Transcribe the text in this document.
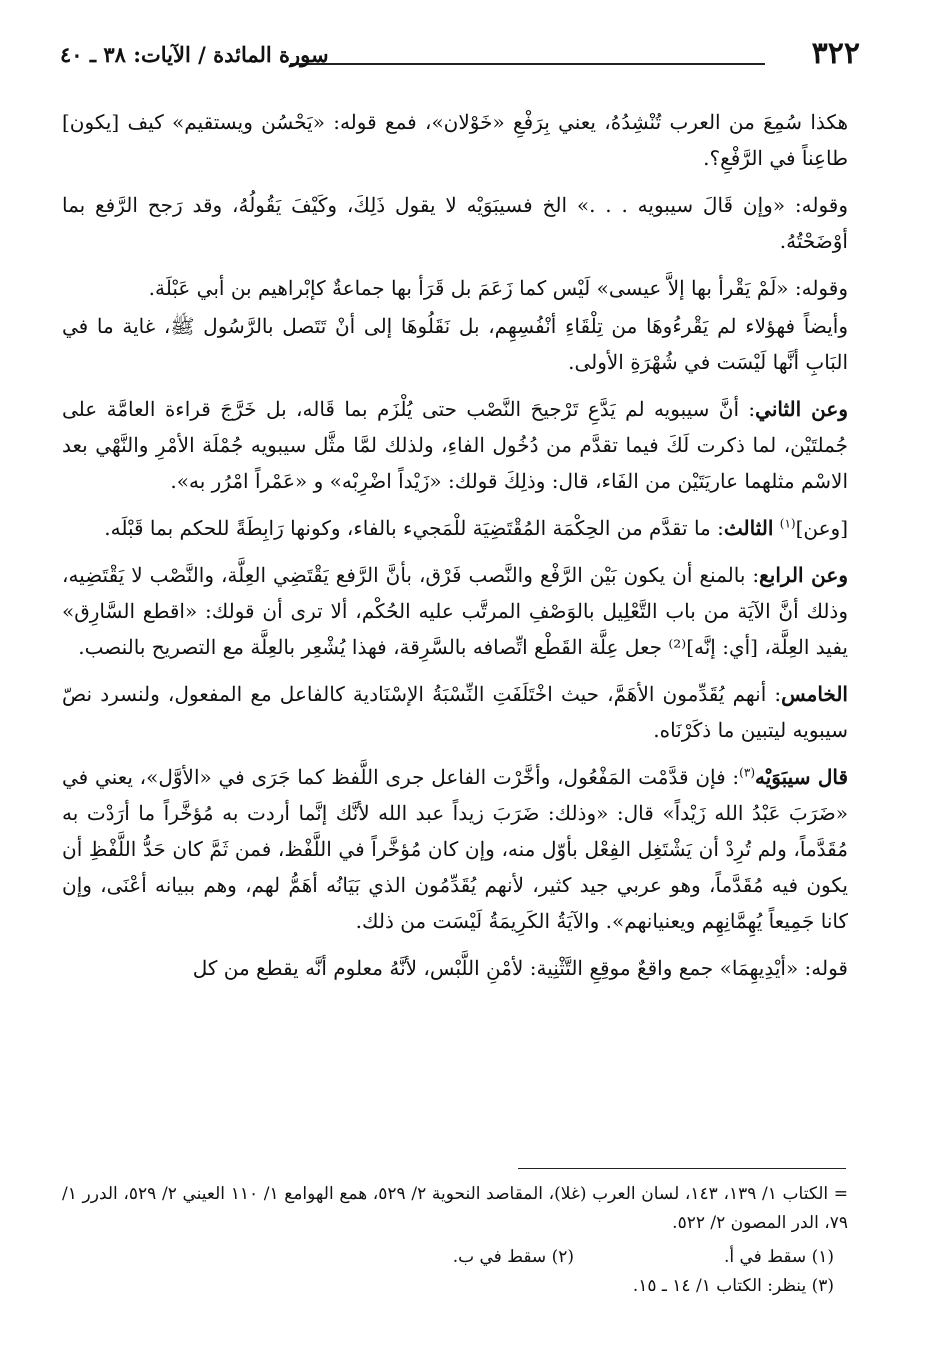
٣٢٢
سورة المائدة / الآيات: ٣٨ ـ ٤٠

هكذا سُمِعَ من العرب تُنْشِدُهُ، يعني بِرَفْعِ «خَوْلان»، فمع قوله: «يَحْسُن ويستقيم» كيف [يكون] طاعِناً في الرَّفْعِ؟.

وقوله: «وإن قَالَ سيبويه . . .» الخ فسيبَوَيْه لا يقول ذَلِكَ، وكَيْفَ يَقُولُهُ، وقد رَجح الرَّفع بما أوْضَحْتُهُ.

وقوله: «لَمْ يَقْرأ بها إلاَّ عيسى» لَيْس كما زَعَمَ بل قَرَأ بها جماعةٌ كإبْراهيم بن أبي عَبْلَة.

وأيضاً فهؤلاء لم يَقْرءُوهَا من تِلْقَاءِ أنْفُسِهِم، بل نَقَلُوهَا إلى أنْ تَتَصل بالرَّسُول ﷺ، غاية ما في البَابِ أنَّها لَيْسَت في شُهْرَةِ الأولى.

وعن الثاني: أنَّ سيبويه لم يَدَّعِ تَرْجيحَ النَّصْب حتى يُلْزَم بما قَاله، بل خَرَّجَ قراءة العامَّة على جُملتَيْن، لما ذكرت لَكَ فيما تقدَّم من دُخُول الفاءِ، ولذلك لمَّا مثَّل سيبويه جُمْلَة الأمْرِ والنَّهْي بعد الاسْم مثلهما عاريَتَيْن من الفَاء، قال: وذلِكَ قولك: «زَيْداً اضْرِبْه» و «عَمْراً امْرُر به».

[وعن]$^{(١)}$ الثالث: ما تقدَّم من الحِكْمَة المُقْتَضِيَة للْمَجيء بالفاء، وكونها رَابِطَةً للحكم بما قَبْلَه.

وعن الرابع: بالمنع أن يكون بَيْن الرَّفْع والنَّصب فَرْق، بأنَّ الرَّفع يَقْتَضِي العِلَّة، والنَّصْب لا يَقْتَضِيه، وذلك أنَّ الآيَة من باب التَّعْلِيل بالوَصْفِ المرتَّب عليه الحُكْم، ألا ترى أن قولك: «اقطع السَّارِق» يفيد العِلَّة، [أي: إنَّه]⁽²⁾ جعل عِلَّة القَطْع اتِّصافه بالسَّرِقة، فهذا يُشْعِر بالعِلَّة مع التصريح بالنصب.

الخامس: أنهم يُقَدِّمون الأهَمَّ، حيث اخْتَلَفَتِ النِّسْبَةُ الإسْنَادية كالفاعل مع المفعول، ولنسرد نصّ سيبويه ليتبين ما ذكَرْنَاه.

قال سيبَوَيْه$^{(٣)}$: فإن قدَّمْت المَفْعُول، وأخَّرْت الفاعل جرى اللَّفظ كما جَرَى في «الأوَّل»، يعني في «ضَرَبَ عَبْدُ الله زَيْداً» قال: «وذلك: ضَرَبَ زيداً عبد الله لأنَّك إنَّما أردت به مُؤخَّراً ما أرَدْت به مُقَدَّماً، ولم تُرِدْ أن يَشْتَغِل الفِعْل بأوّل منه، وإن كان مُؤخَّراً في اللَّفْظ، فمن ثَمَّ كان حَدُّ اللَّفْظِ أن يكون فيه مُقَدَّماً، وهو عربي جيد كثير، لأنهم يُقَدِّمُون الذي بَيَانُه أهَمُّ لهم، وهم ببيانه أعْنَى، وإن كانا جَمِيعاً يُهِمَّانِهِم ويعنيانهم». والآيَةُ الكَرِيمَةُ لَيْسَت من ذلك.

قوله: «أيْدِيهِمَا» جمع واقعٌ موقِعِ التَّثْنِية: لأمْنِ اللَّبْس، لأنَّهُ معلوم أنَّه يقطع من كل

= الكتاب ١/ ١٣٩، ١٤٣، لسان العرب (غلا)، المقاصد النحوية ٢/ ٥٢٩، همع الهوامع ١/ ١١٠ العيني ٢/ ٥٢٩، الدرر ١/ ٧٩، الدر المصون ٢/ ٥٢٢.

(١) سقط في أ.
(٢) سقط في ب.
(٣) ينظر: الكتاب ١/ ١٤ ـ ١٥.
